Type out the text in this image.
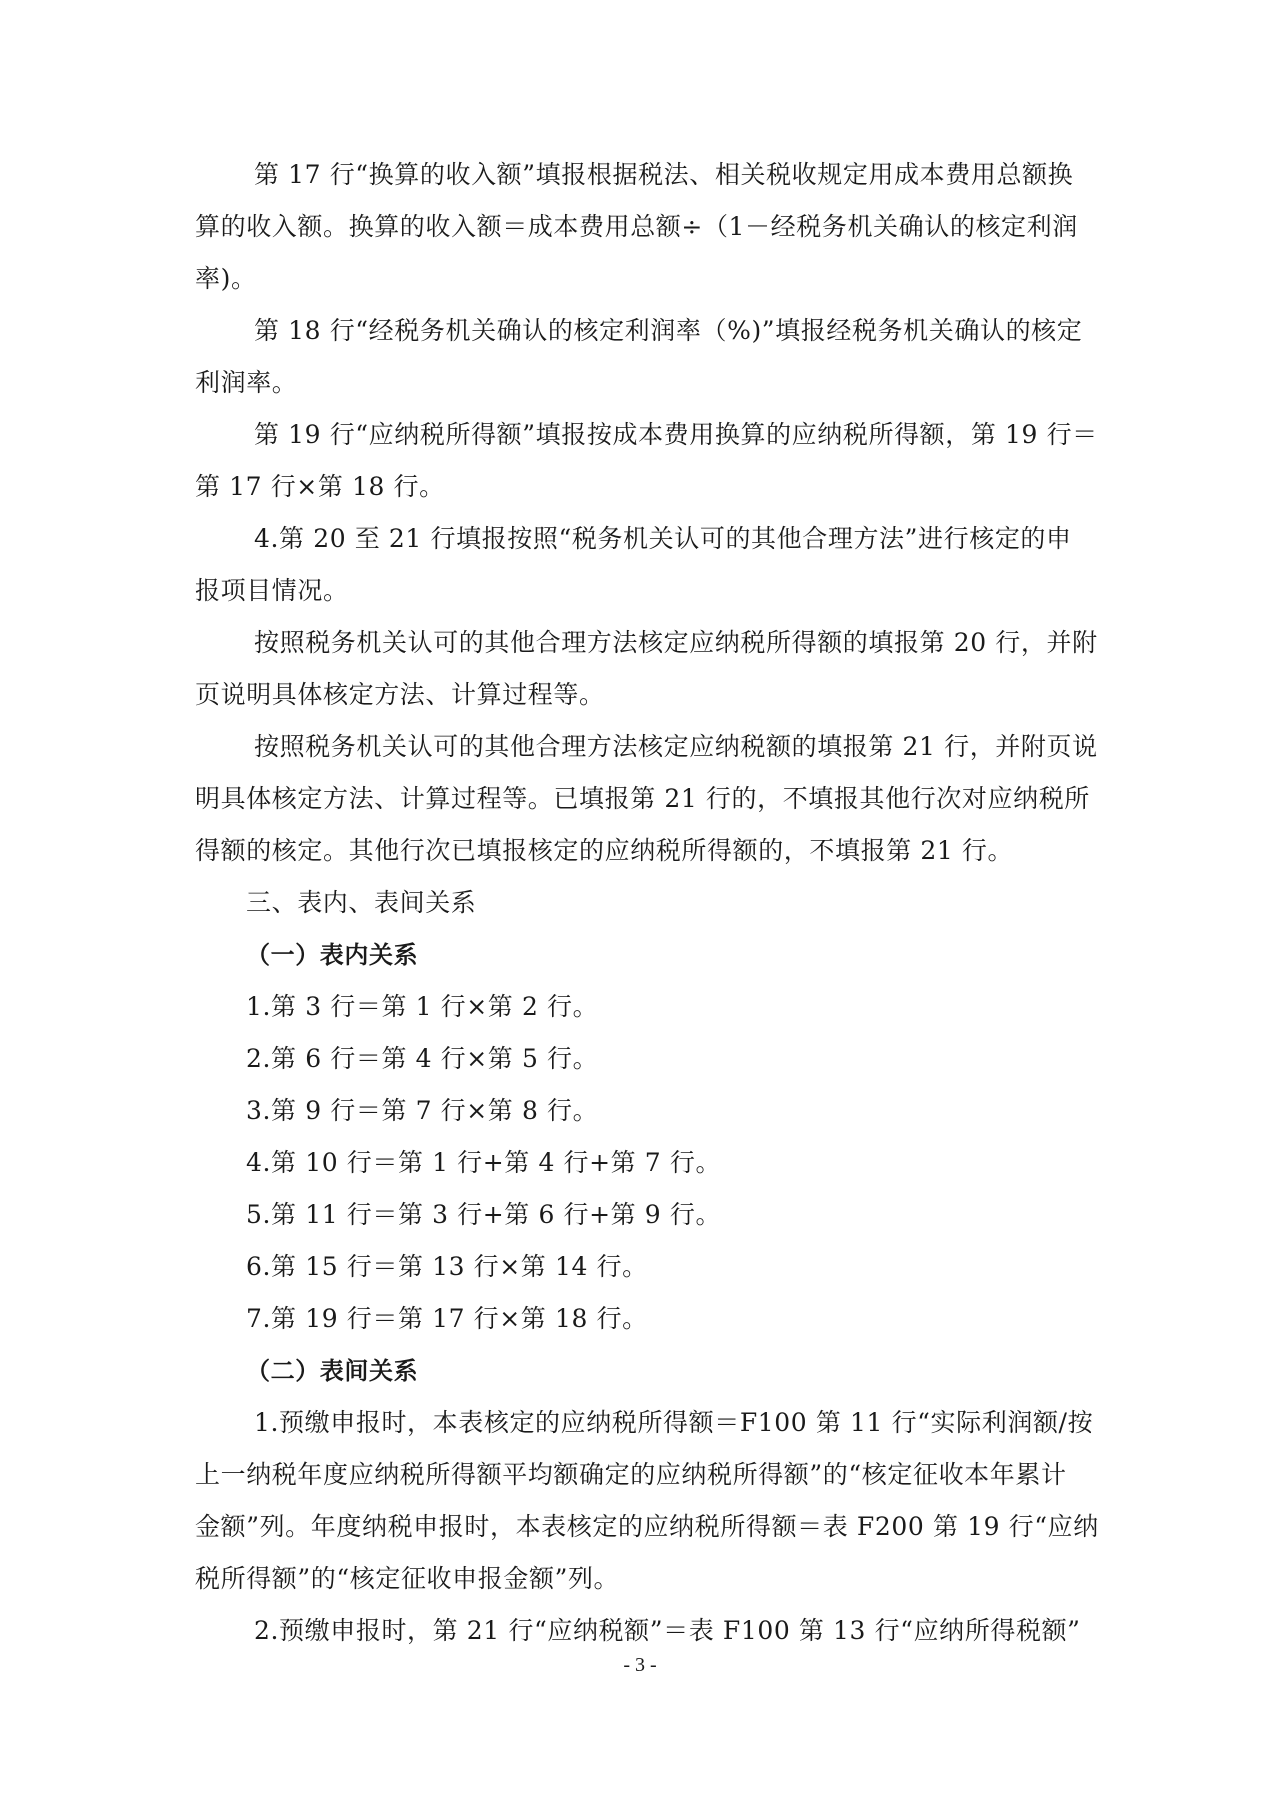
第 17 行“换算的收入额”填报根据税法、相关税收规定用成本费用总额换
算的收入额。换算的收入额＝成本费用总额÷（1－经税务机关确认的核定利润
率)。
第 18 行“经税务机关确认的核定利润率（%)”填报经税务机关确认的核定
利润率。
第 19 行“应纳税所得额”填报按成本费用换算的应纳税所得额，第 19 行＝
第 17 行×第 18 行。
4.第 20 至 21 行填报按照“税务机关认可的其他合理方法”进行核定的申
报项目情况。
按照税务机关认可的其他合理方法核定应纳税所得额的填报第 20 行，并附
页说明具体核定方法、计算过程等。
按照税务机关认可的其他合理方法核定应纳税额的填报第 21 行，并附页说
明具体核定方法、计算过程等。已填报第 21 行的，不填报其他行次对应纳税所
得额的核定。其他行次已填报核定的应纳税所得额的，不填报第 21 行。
三、表内、表间关系
（一）表内关系
1.第 3 行＝第 1 行×第 2 行。
2.第 6 行＝第 4 行×第 5 行。
3.第 9 行＝第 7 行×第 8 行。
4.第 10 行＝第 1 行+第 4 行+第 7 行。
5.第 11 行＝第 3 行+第 6 行+第 9 行。
6.第 15 行＝第 13 行×第 14 行。
7.第 19 行＝第 17 行×第 18 行。
（二）表间关系
1.预缴申报时，本表核定的应纳税所得额＝F100 第 11 行“实际利润额/按
上一纳税年度应纳税所得额平均额确定的应纳税所得额”的“核定征收本年累计
金额”列。年度纳税申报时，本表核定的应纳税所得额＝表 F200 第 19 行“应纳
税所得额”的“核定征收申报金额”列。
2.预缴申报时，第 21 行“应纳税额”＝表 F100 第 13 行“应纳所得税额”
- 3 -
